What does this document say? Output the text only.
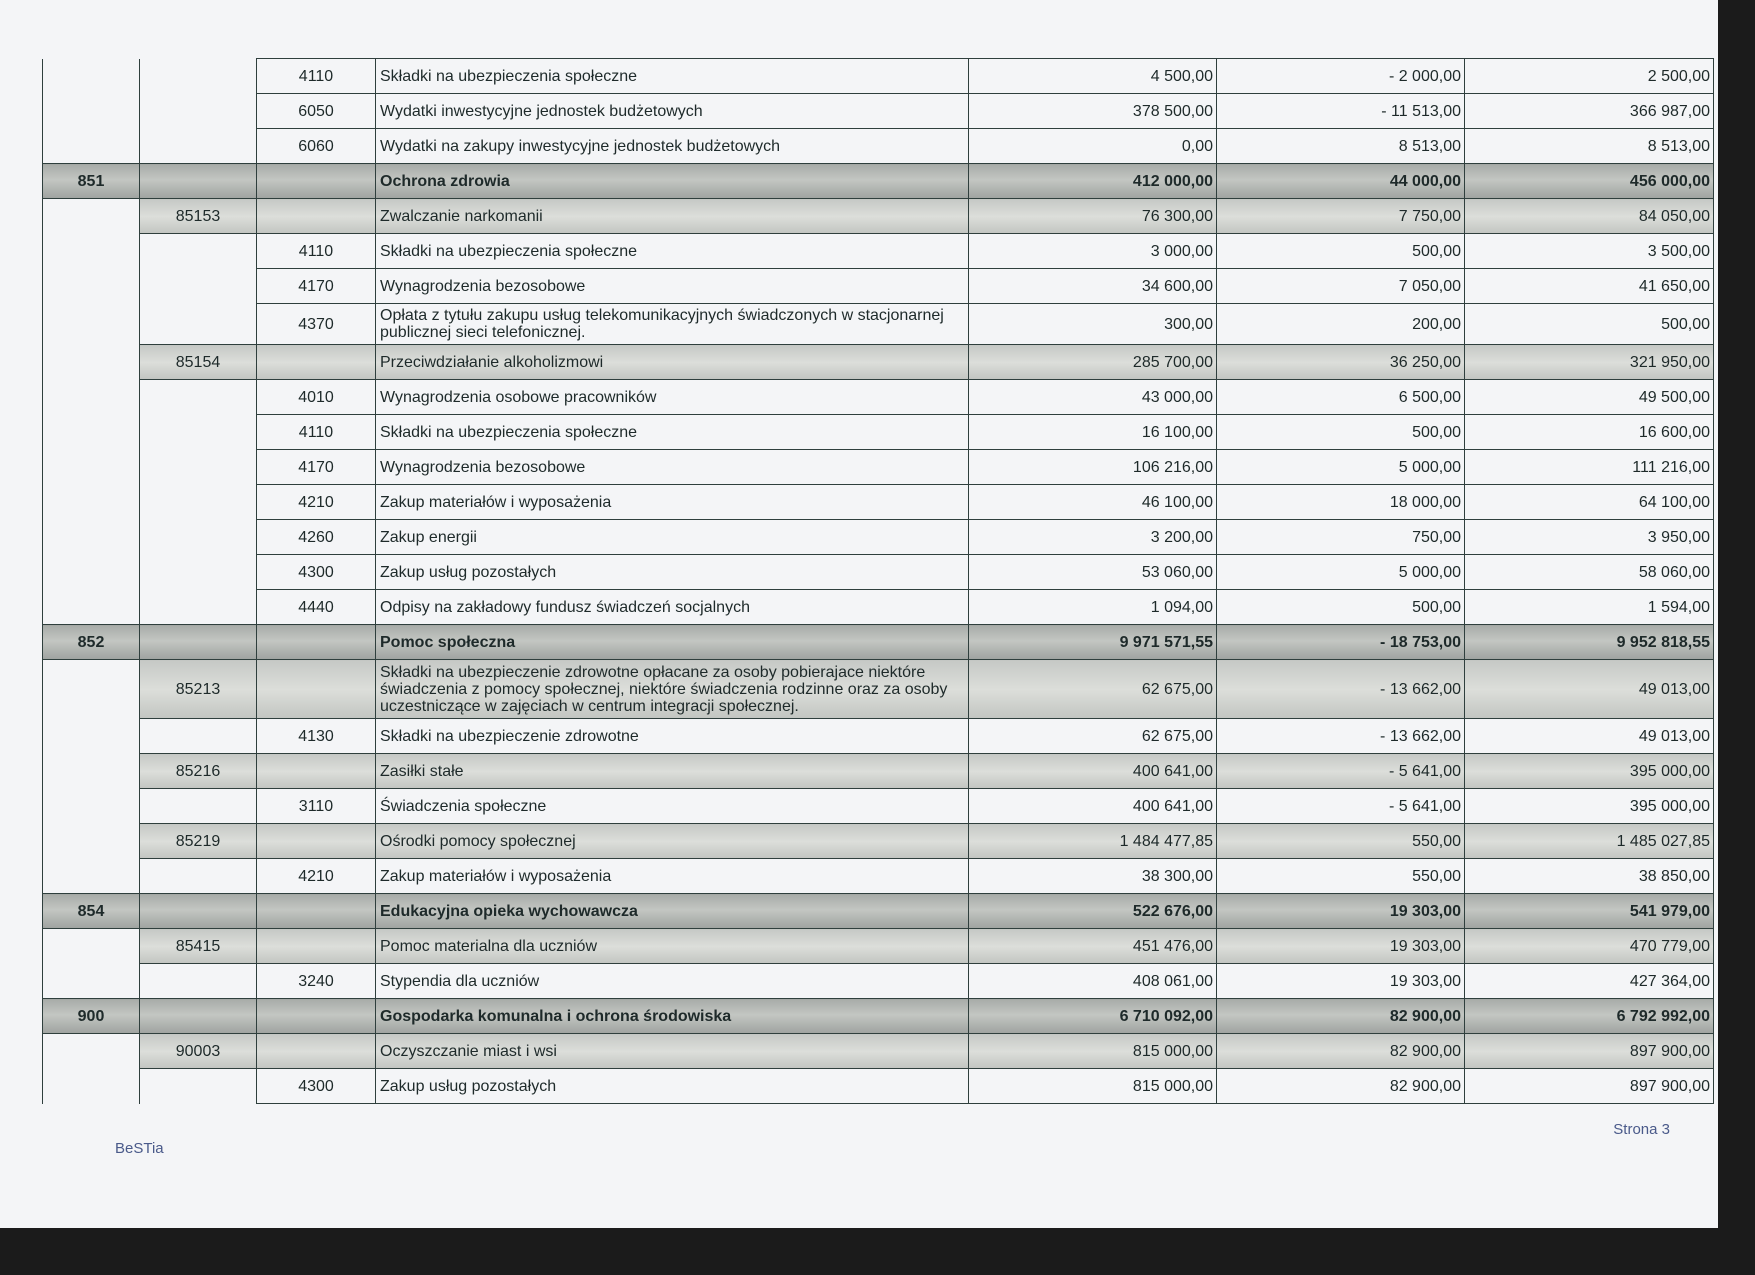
		4110	Składki na ubezpieczenia społeczne	4 500,00	- 2 000,00	2 500,00
		6050	Wydatki inwestycyjne jednostek budżetowych	378 500,00	- 11 513,00	366 987,00
		6060	Wydatki na zakupy inwestycyjne jednostek budżetowych	0,00	8 513,00	8 513,00
851			Ochrona zdrowia	412 000,00	44 000,00	456 000,00
	85153		Zwalczanie narkomanii	76 300,00	7 750,00	84 050,00
		4110	Składki na ubezpieczenia społeczne	3 000,00	500,00	3 500,00
		4170	Wynagrodzenia bezosobowe	34 600,00	7 050,00	41 650,00
		4370	Opłata z tytułu zakupu usług telekomunikacyjnych świadczonych w stacjonarnej publicznej sieci telefonicznej.	300,00	200,00	500,00
	85154		Przeciwdziałanie alkoholizmowi	285 700,00	36 250,00	321 950,00
		4010	Wynagrodzenia osobowe pracowników	43 000,00	6 500,00	49 500,00
		4110	Składki na ubezpieczenia społeczne	16 100,00	500,00	16 600,00
		4170	Wynagrodzenia bezosobowe	106 216,00	5 000,00	111 216,00
		4210	Zakup materiałów i wyposażenia	46 100,00	18 000,00	64 100,00
		4260	Zakup energii	3 200,00	750,00	3 950,00
		4300	Zakup usług pozostałych	53 060,00	5 000,00	58 060,00
		4440	Odpisy na zakładowy fundusz świadczeń socjalnych	1 094,00	500,00	1 594,00
852			Pomoc społeczna	9 971 571,55	- 18 753,00	9 952 818,55
	85213		Składki na ubezpieczenie zdrowotne opłacane za osoby pobierajace niektóre świadczenia z pomocy społecznej, niektóre świadczenia rodzinne oraz za osoby uczestniczące w zajęciach w centrum integracji społecznej.	62 675,00	- 13 662,00	49 013,00
		4130	Składki na ubezpieczenie zdrowotne	62 675,00	- 13 662,00	49 013,00
	85216		Zasiłki stałe	400 641,00	- 5 641,00	395 000,00
		3110	Świadczenia społeczne	400 641,00	- 5 641,00	395 000,00
	85219		Ośrodki pomocy społecznej	1 484 477,85	550,00	1 485 027,85
		4210	Zakup materiałów i wyposażenia	38 300,00	550,00	38 850,00
854			Edukacyjna opieka wychowawcza	522 676,00	19 303,00	541 979,00
	85415		Pomoc materialna dla uczniów	451 476,00	19 303,00	470 779,00
		3240	Stypendia dla uczniów	408 061,00	19 303,00	427 364,00
900			Gospodarka komunalna i ochrona środowiska	6 710 092,00	82 900,00	6 792 992,00
	90003		Oczyszczanie miast i wsi	815 000,00	82 900,00	897 900,00
		4300	Zakup usług pozostałych	815 000,00	82 900,00	897 900,00
BeSTia
Strona 3
